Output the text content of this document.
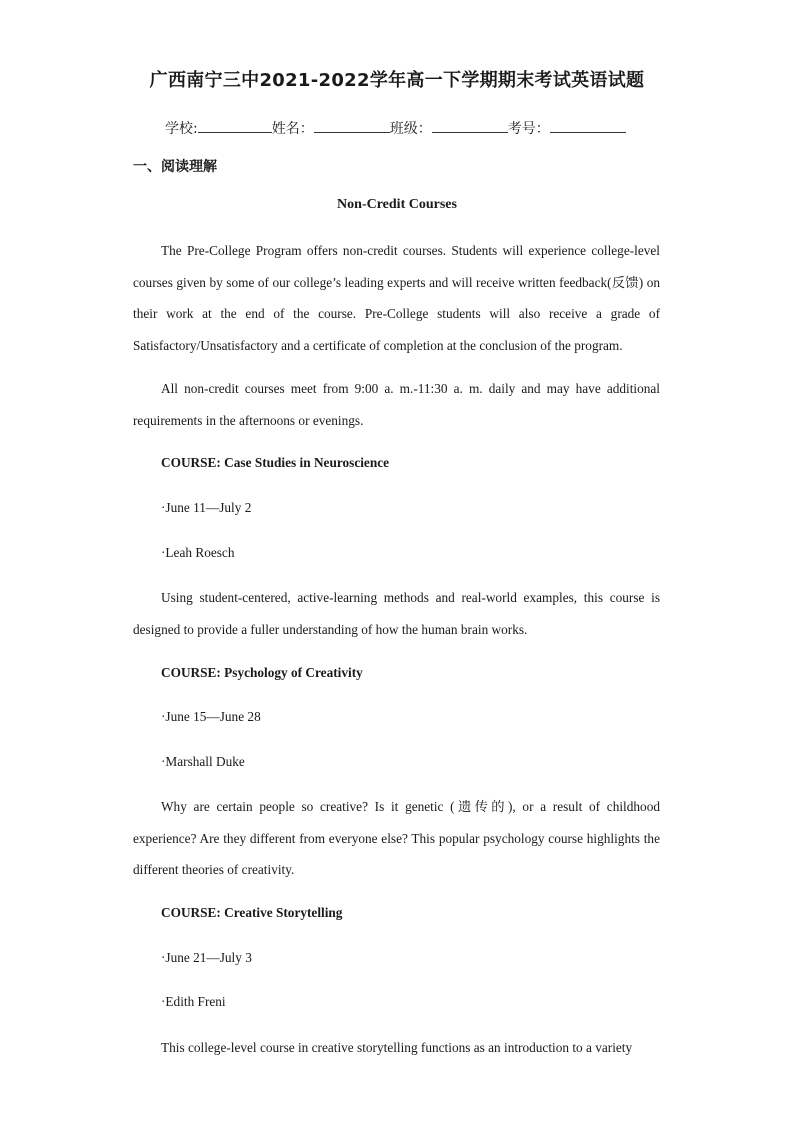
广西南宁三中2021-2022学年高一下学期期末考试英语试题
学校:	姓名：	班级：	考号：
一、阅读理解
Non-Credit Courses

The Pre-College Program offers non-credit courses. Students will experience college-level courses given by some of our college’s leading experts and will receive written feedback(反馈) on their work at the end of the course. Pre-College students will also receive a grade of Satisfactory/Unsatisfactory and a certificate of completion at the conclusion of the program.

All non-credit courses meet from 9:00 a. m.-11:30 a. m. daily and may have additional requirements in the afternoons or evenings.

COURSE: Case Studies in Neuroscience
·June 11—July 2
·Leah Roesch

Using student-centered, active-learning methods and real-world examples, this course is designed to provide a fuller understanding of how the human brain works.

COURSE: Psychology of Creativity
·June 15—June 28
·Marshall Duke

Why are certain people so creative? Is it genetic (遗传的), or a result of childhood experience? Are they different from everyone else? This popular psychology course highlights the different theories of creativity.

COURSE: Creative Storytelling
·June 21—July 3
·Edith Freni

This college-level course in creative storytelling functions as an introduction to a variety
